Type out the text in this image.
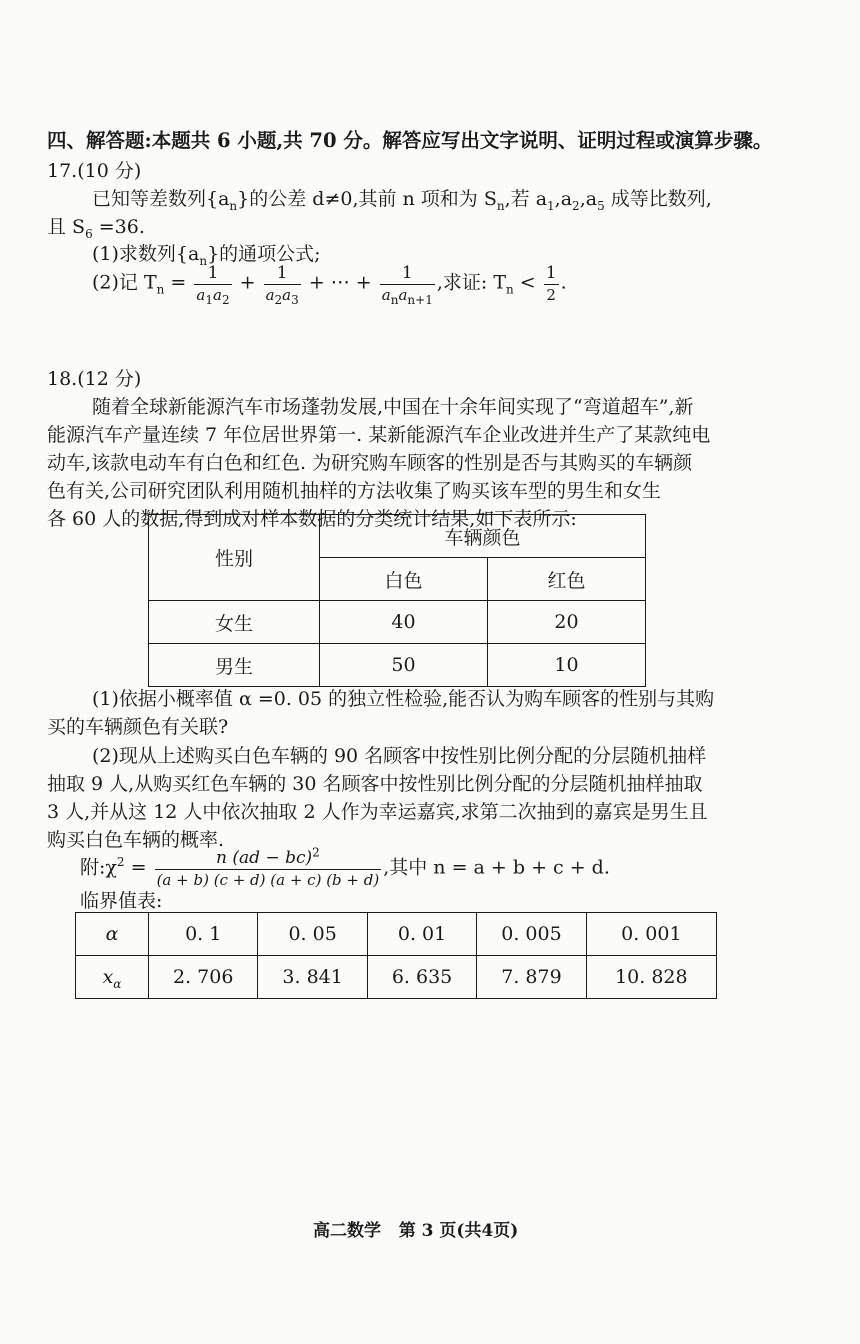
四、解答题:本题共 6 小题,共 70 分。解答应写出文字说明、证明过程或演算步骤。
17.(10 分)
已知等差数列$\{a_n\}$的公差 d≠0,其前 n 项和为 $S_n$,若 $a_1,a_2,a_5$ 成等比数列,
且 $S_6 =36$.
(1)求数列$\{a_n\}$的通项公式;
(2)记 $T_n = \frac{1}{a_1a_2} + \frac{1}{a_2a_3}$ + ⋯ + $\frac{1}{a_na_{n+1}}$ ,求证: $T_n < \frac{1}{2}$ .
18.(12 分)
随着全球新能源汽车市场蓬勃发展,中国在十余年间实现了“弯道超车”,新
能源汽车产量连续 7 年位居世界第一. 某新能源汽车企业改进并生产了某款纯电
动车,该款电动车有白色和红色. 为研究购车顾客的性别是否与其购买的车辆颜
色有关,公司研究团队利用随机抽样的方法收集了购买该车型的男生和女生
各 60 人的数据,得到成对样本数据的分类统计结果,如下表所示:
性别	车辆颜色	
	白色	红色
女生	40	20
男生	50	10
(1)依据小概率值 α =0. 05 的独立性检验,能否认为购车顾客的性别与其购
买的车辆颜色有关联?
(2)现从上述购买白色车辆的 90 名顾客中按性别比例分配的分层随机抽样
抽取 9 人,从购买红色车辆的 30 名顾客中按性别比例分配的分层随机抽样抽取
3 人,并从这 12 人中依次抽取 2 人作为幸运嘉宾,求第二次抽到的嘉宾是男生且
购买白色车辆的概率.
附$:\chi^2 = \frac{n (ad - bc)^2}{(a + b) (c + d) (a + c) (b + d)}$ ,其中 n = a + b + c + d.
临界值表:
α	0. 1	0. 05	0. 01	0. 005	0. 001
$x_\alpha$	2. 706	3. 841	6. 635	7. 879	10. 828
高二数学   第 3 页(共4页)
